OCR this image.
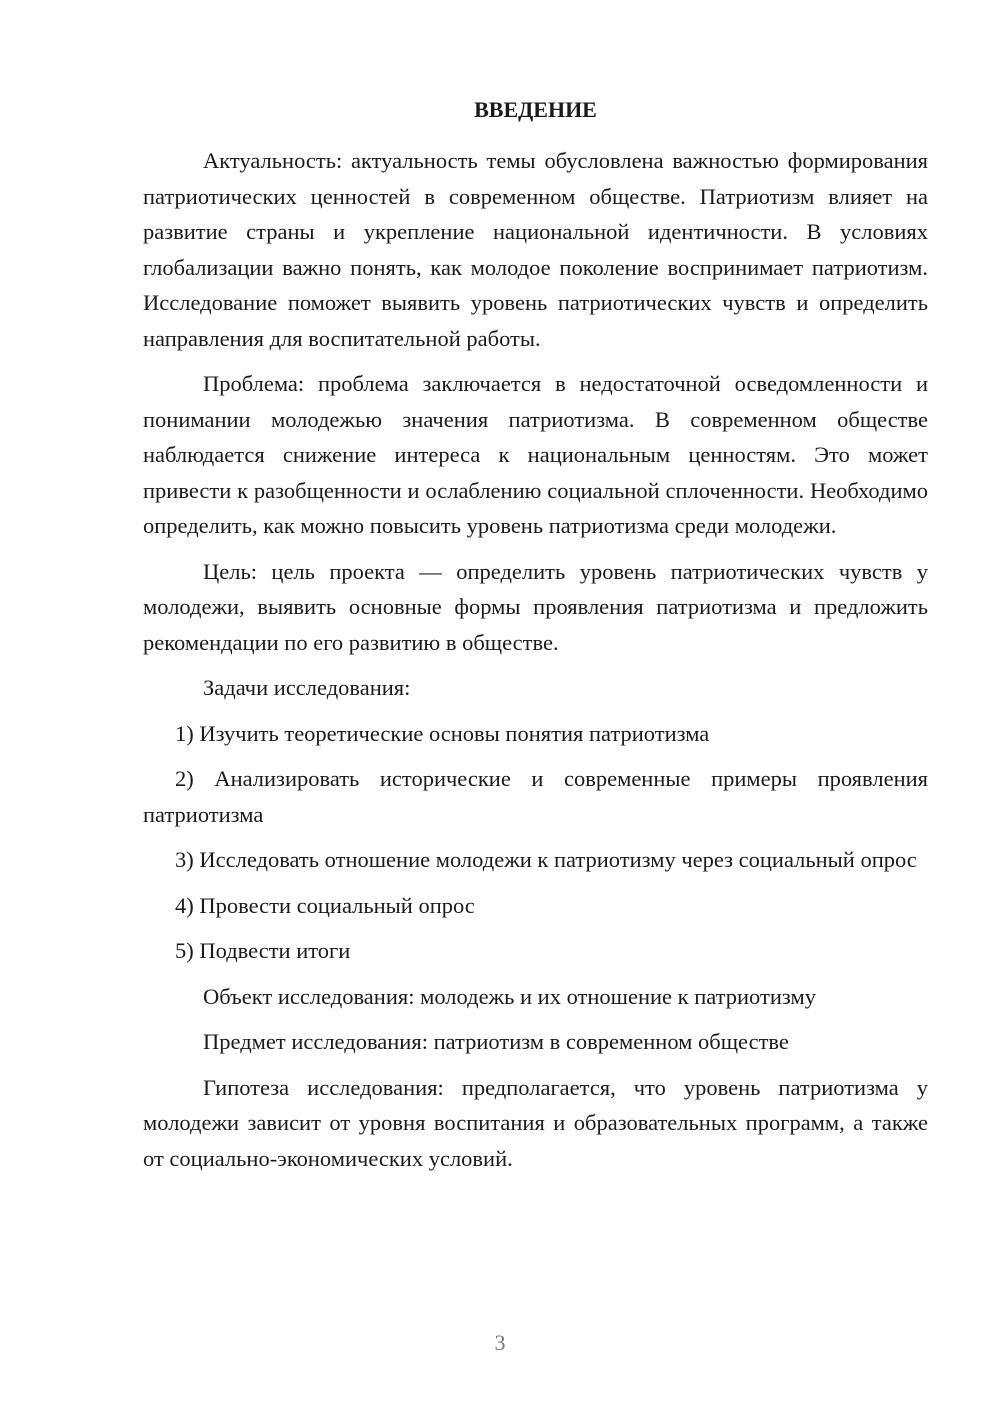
ВВЕДЕНИЕ

Актуальность: актуальность темы обусловлена важностью формирования патриотических ценностей в современном обществе. Патриотизм влияет на развитие страны и укрепление национальной идентичности. В условиях глобализации важно понять, как молодое поколение воспринимает патриотизм. Исследование поможет выявить уровень патриотических чувств и определить направления для воспитательной работы.

Проблема: проблема заключается в недостаточной осведомленности и понимании молодежью значения патриотизма. В современном обществе наблюдается снижение интереса к национальным ценностям. Это может привести к разобщенности и ослаблению социальной сплоченности. Необходимо определить, как можно повысить уровень патриотизма среди молодежи.

Цель: цель проекта — определить уровень патриотических чувств у молодежи, выявить основные формы проявления патриотизма и предложить рекомендации по его развитию в обществе.

Задачи исследования:

1) Изучить теоретические основы понятия патриотизма

2) Анализировать исторические и современные примеры проявления патриотизма

3) Исследовать отношение молодежи к патриотизму через социальный опрос

4) Провести социальный опрос

5) Подвести итоги

Объект исследования: молодежь и их отношение к патриотизму

Предмет исследования: патриотизм в современном обществе

Гипотеза исследования: предполагается, что уровень патриотизма у молодежи зависит от уровня воспитания и образовательных программ, а также от социально-экономических условий.

3
